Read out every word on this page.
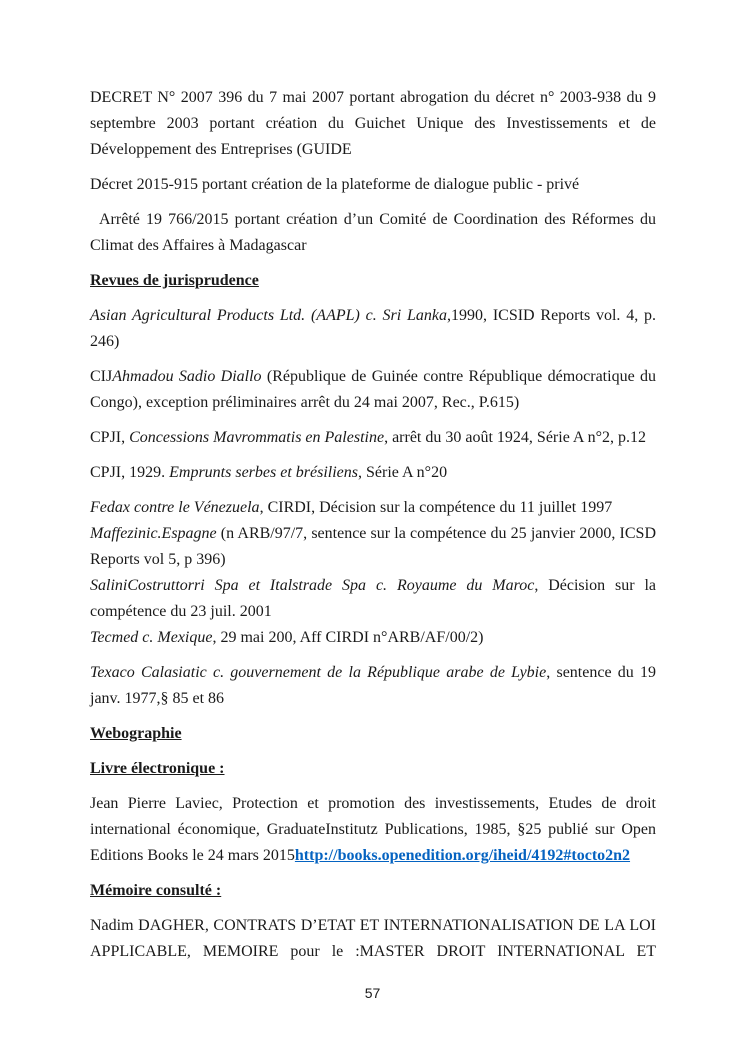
DECRET N° 2007 396 du 7 mai 2007 portant abrogation du décret n° 2003-938 du 9 septembre 2003 portant création du Guichet Unique des Investissements et de Développement des Entreprises (GUIDE

Décret 2015-915 portant création de la plateforme de dialogue public - privé

Arrêté 19 766/2015 portant création d’un Comité de Coordination des Réformes du Climat des Affaires à Madagascar

Revues de jurisprudence

Asian Agricultural Products Ltd. (AAPL) c. Sri Lanka,1990, ICSID Reports vol. 4, p. 246)

CIJAhmadou Sadio Diallo (République de Guinée contre République démocratique du Congo), exception préliminaires arrêt du 24 mai 2007, Rec., P.615)

CPJI, Concessions Mavrommatis en Palestine, arrêt du 30 août 1924, Série A n°2, p.12

CPJI, 1929. Emprunts serbes et brésiliens, Série A n°20

Fedax contre le Vénezuela, CIRDI, Décision sur la compétence du 11 juillet 1997

Maffezinic.Espagne (n ARB/97/7, sentence sur la compétence du 25 janvier 2000, ICSD Reports vol 5, p 396)

SaliniCostruttorri Spa et Italstrade Spa c. Royaume du Maroc, Décision sur la compétence du 23 juil. 2001

Tecmed c. Mexique, 29 mai 200, Aff CIRDI n°ARB/AF/00/2)

Texaco Calasiatic c. gouvernement de la République arabe de Lybie, sentence du 19 janv. 1977,§ 85 et 86

Webographie

Livre électronique :

Jean Pierre Laviec, Protection et promotion des investissements, Etudes de droit international économique, GraduateInstitutz Publications, 1985, §25 publié sur Open Editions Books le 24 mars 2015http://books.openedition.org/iheid/4192#tocto2n2

Mémoire consulté :

Nadim DAGHER, CONTRATS D’ETAT ET INTERNATIONALISATION DE LA LOI APPLICABLE, MEMOIRE pour le :MASTER DROIT INTERNATIONAL ET

57
